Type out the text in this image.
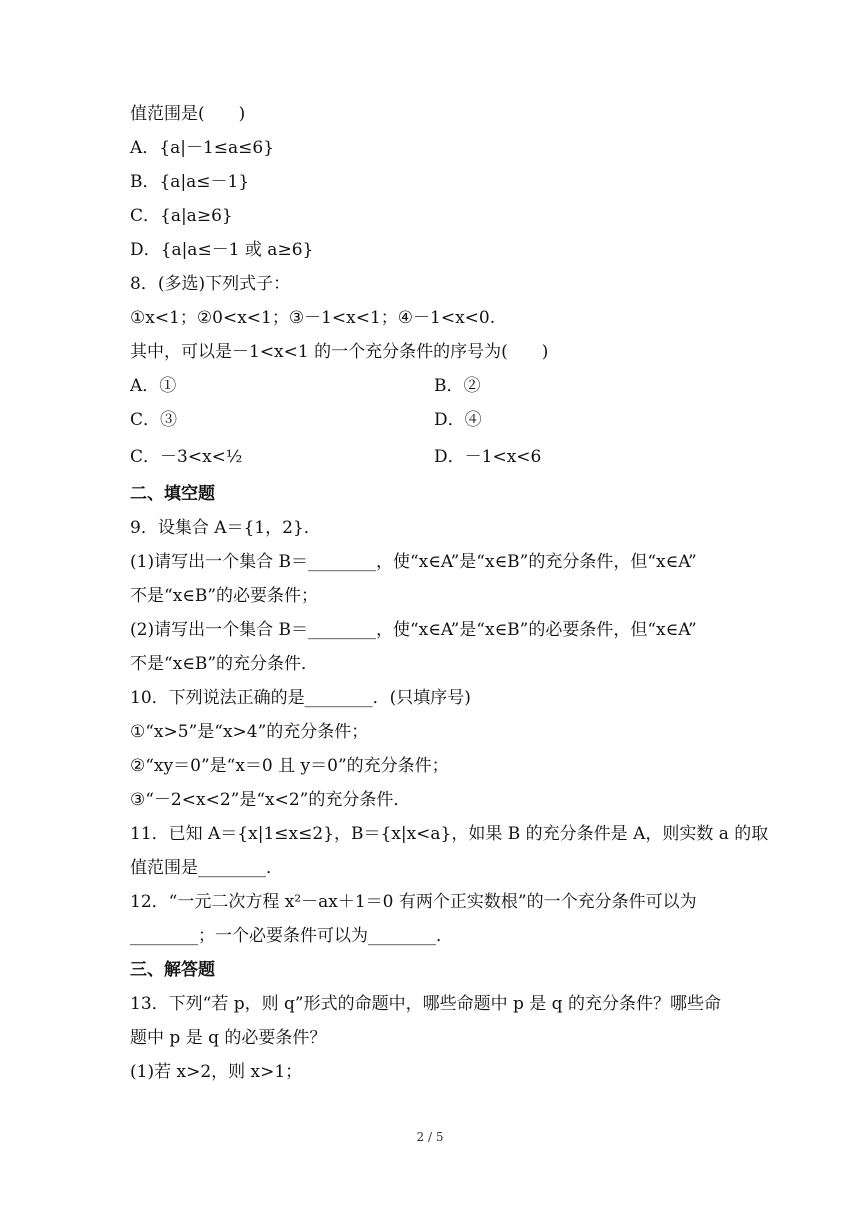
值范围是(　　)
A．{a|－1≤a≤6}
B．{a|a≤－1}
C．{a|a≥6}
D．{a|a≤－1 或 a≥6}
8．(多选)下列式子：
①x<1；②0<x<1；③－1<x<1；④－1<x<0.
其中，可以是－1<x<1 的一个充分条件的序号为(　　)
A．①	B．②
C．③	D．④
C．－3<x<½	D．－1<x<6
二、填空题
9．设集合 A＝{1，2}．
(1)请写出一个集合 B＝________，使“x∈A”是“x∈B”的充分条件，但“x∈A”
不是“x∈B”的必要条件；
(2)请写出一个集合 B＝________，使“x∈A”是“x∈B”的必要条件，但“x∈A”
不是“x∈B”的充分条件．
10．下列说法正确的是________．(只填序号)
①“x>5”是“x>4”的充分条件；
②“xy＝0”是“x＝0 且 y＝0”的充分条件；
③“－2<x<2”是“x<2”的充分条件．
11．已知 A＝{x|1≤x≤2}，B＝{x|x<a}，如果 B 的充分条件是 A，则实数 a 的取
值范围是________．
12．“一元二次方程 x²－ax＋1＝0 有两个正实数根”的一个充分条件可以为
________；一个必要条件可以为________．
三、解答题
13．下列“若 p，则 q”形式的命题中，哪些命题中 p 是 q 的充分条件？哪些命
题中 p 是 q 的必要条件？
(1)若 x>2，则 x>1；
2 / 5
